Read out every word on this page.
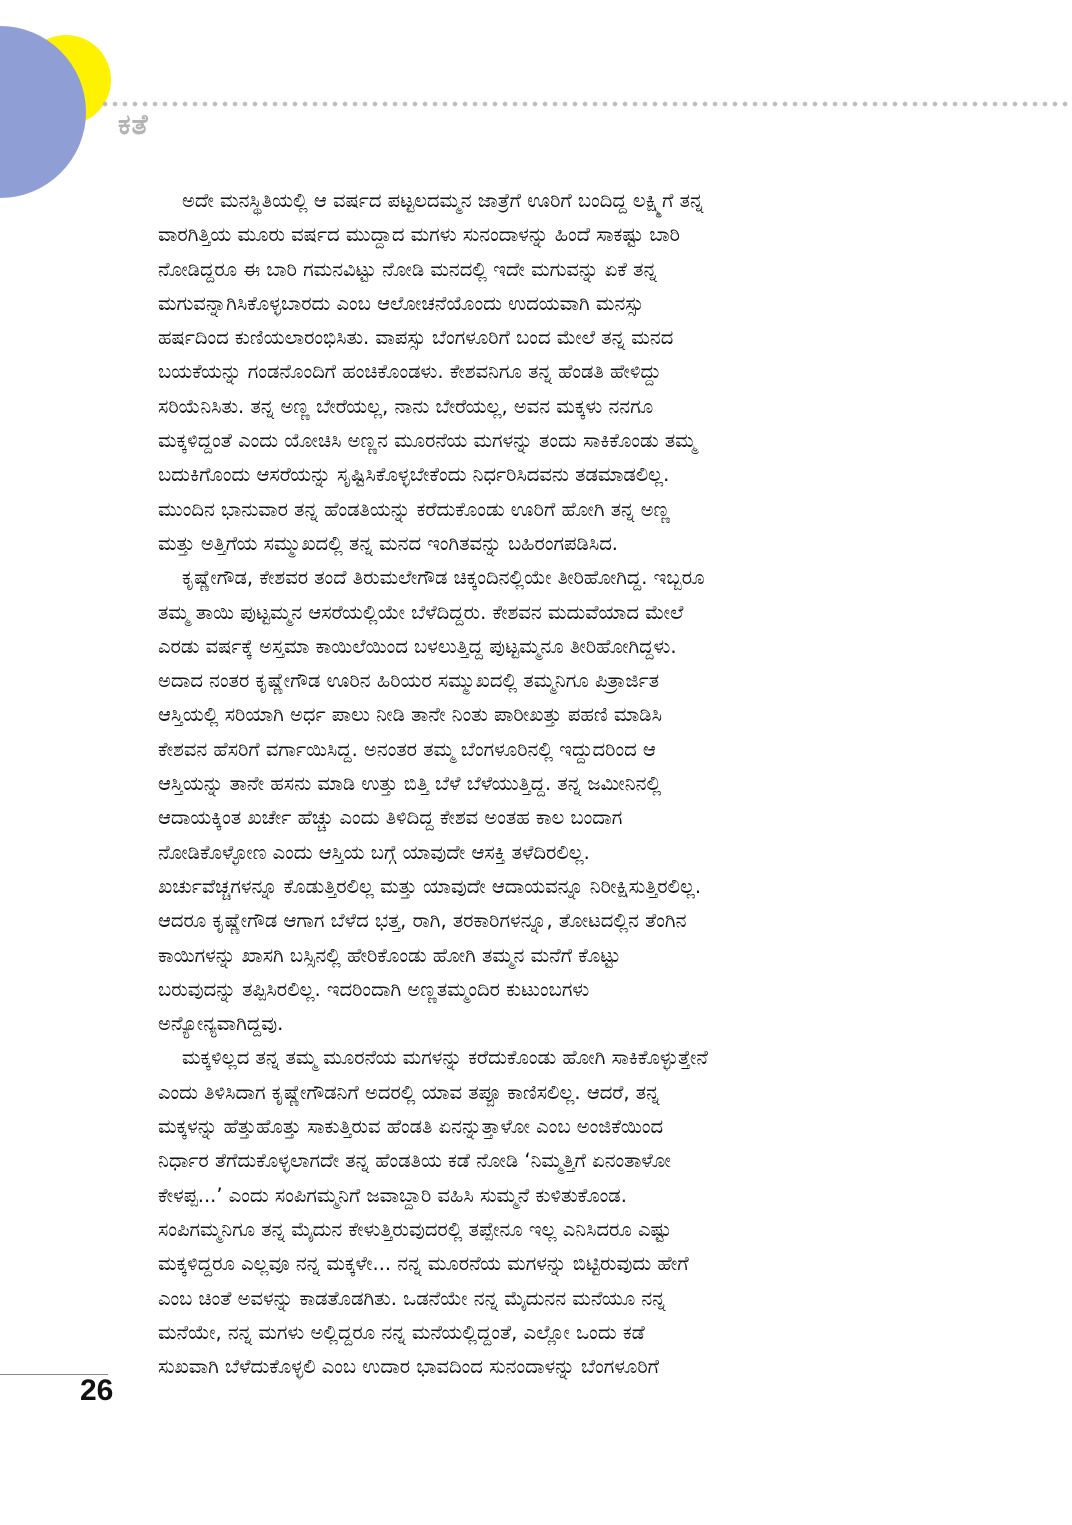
ಕತೆ
ಅದೇ ಮನಸ್ಥಿತಿಯಲ್ಲಿ ಆ ವರ್ಷದ ಪಟ್ಟಲದಮ್ಮನ ಜಾತ್ರೆಗೆ ಊರಿಗೆ ಬಂದಿದ್ದ ಲಕ್ಷ್ಮಿಗೆ ತನ್ನ
ವಾರಗಿತ್ತಿಯ ಮೂರು ವರ್ಷದ ಮುದ್ದಾದ ಮಗಳು ಸುನಂದಾಳನ್ನು ಹಿಂದೆ ಸಾಕಷ್ಟು ಬಾರಿ
ನೋಡಿದ್ದರೂ ಈ ಬಾರಿ ಗಮನವಿಟ್ಟು ನೋಡಿ ಮನದಲ್ಲಿ ಇದೇ ಮಗುವನ್ನು ಏಕೆ ತನ್ನ
ಮಗುವನ್ನಾಗಿಸಿಕೊಳ್ಳಬಾರದು ಎಂಬ ಆಲೋಚನೆಯೊಂದು ಉದಯವಾಗಿ ಮನಸ್ಸು
ಹರ್ಷದಿಂದ ಕುಣಿಯಲಾರಂಭಿಸಿತು. ವಾಪಸ್ಸು ಬೆಂಗಳೂರಿಗೆ ಬಂದ ಮೇಲೆ ತನ್ನ ಮನದ
ಬಯಕೆಯನ್ನು ಗಂಡನೊಂದಿಗೆ ಹಂಚಿಕೊಂಡಳು. ಕೇಶವನಿಗೂ ತನ್ನ ಹೆಂಡತಿ ಹೇಳಿದ್ದು
ಸರಿಯೆನಿಸಿತು. ತನ್ನ ಅಣ್ಣ ಬೇರೆಯಲ್ಲ, ನಾನು ಬೇರೆಯಲ್ಲ, ಅವನ ಮಕ್ಕಳು ನನಗೂ
ಮಕ್ಕಳಿದ್ದಂತೆ ಎಂದು ಯೋಚಿಸಿ ಅಣ್ಣನ ಮೂರನೆಯ ಮಗಳನ್ನು ತಂದು ಸಾಕಿಕೊಂಡು ತಮ್ಮ
ಬದುಕಿಗೊಂದು ಆಸರೆಯನ್ನು ಸೃಷ್ಟಿಸಿಕೊಳ್ಳಬೇಕೆಂದು ನಿರ್ಧರಿಸಿದವನು ತಡಮಾಡಲಿಲ್ಲ.
ಮುಂದಿನ ಭಾನುವಾರ ತನ್ನ ಹೆಂಡತಿಯನ್ನು ಕರೆದುಕೊಂಡು ಊರಿಗೆ ಹೋಗಿ ತನ್ನ ಅಣ್ಣ
ಮತ್ತು ಅತ್ತಿಗೆಯ ಸಮ್ಮುಖದಲ್ಲಿ ತನ್ನ ಮನದ ಇಂಗಿತವನ್ನು ಬಹಿರಂಗಪಡಿಸಿದ.
ಕೃಷ್ಣೇಗೌಡ, ಕೇಶವರ ತಂದೆ ತಿರುಮಲೇಗೌಡ ಚಿಕ್ಕಂದಿನಲ್ಲಿಯೇ ತೀರಿಹೋಗಿದ್ದ. ಇಬ್ಬರೂ
ತಮ್ಮ ತಾಯಿ ಪುಟ್ಟಮ್ಮನ ಆಸರೆಯಲ್ಲಿಯೇ ಬೆಳೆದಿದ್ದರು. ಕೇಶವನ ಮದುವೆಯಾದ ಮೇಲೆ
ಎರಡು ವರ್ಷಕ್ಕೆ ಅಸ್ತಮಾ ಕಾಯಿಲೆಯಿಂದ ಬಳಲುತ್ತಿದ್ದ ಪುಟ್ಟಮ್ಮನೂ ತೀರಿಹೋಗಿದ್ದಳು.
ಅದಾದ ನಂತರ ಕೃಷ್ಣೇಗೌಡ ಊರಿನ ಹಿರಿಯರ ಸಮ್ಮುಖದಲ್ಲಿ ತಮ್ಮನಿಗೂ ಪಿತ್ರಾರ್ಜಿತ
ಆಸ್ತಿಯಲ್ಲಿ ಸರಿಯಾಗಿ ಅರ್ಧ ಪಾಲು ನೀಡಿ ತಾನೇ ನಿಂತು ಪಾರೀಖತ್ತು ಪಹಣಿ ಮಾಡಿಸಿ
ಕೇಶವನ ಹೆಸರಿಗೆ ವರ್ಗಾಯಿಸಿದ್ದ. ಅನಂತರ ತಮ್ಮ ಬೆಂಗಳೂರಿನಲ್ಲಿ ಇದ್ದುದರಿಂದ ಆ
ಆಸ್ತಿಯನ್ನು ತಾನೇ ಹಸನು ಮಾಡಿ ಉತ್ತು ಬಿತ್ತಿ ಬೆಳೆ ಬೆಳೆಯುತ್ತಿದ್ದ. ತನ್ನ ಜಮೀನಿನಲ್ಲಿ
ಆದಾಯಕ್ಕಿಂತ ಖರ್ಚೇ ಹೆಚ್ಚು ಎಂದು ತಿಳಿದಿದ್ದ ಕೇಶವ ಅಂತಹ ಕಾಲ ಬಂದಾಗ
ನೋಡಿಕೊಳ್ಳೋಣ ಎಂದು ಆಸ್ತಿಯ ಬಗ್ಗೆ ಯಾವುದೇ ಆಸಕ್ತಿ ತಳೆದಿರಲಿಲ್ಲ.
ಖರ್ಚುವೆಚ್ಚಗಳನ್ನೂ ಕೊಡುತ್ತಿರಲಿಲ್ಲ ಮತ್ತು ಯಾವುದೇ ಆದಾಯವನ್ನೂ ನಿರೀಕ್ಷಿಸುತ್ತಿರಲಿಲ್ಲ.
ಆದರೂ ಕೃಷ್ಣೇಗೌಡ ಆಗಾಗ ಬೆಳೆದ ಭತ್ತ, ರಾಗಿ, ತರಕಾರಿಗಳನ್ನೂ, ತೋಟದಲ್ಲಿನ ತೆಂಗಿನ
ಕಾಯಿಗಳನ್ನು ಖಾಸಗಿ ಬಸ್ಸಿನಲ್ಲಿ ಹೇರಿಕೊಂಡು ಹೋಗಿ ತಮ್ಮನ ಮನೆಗೆ ಕೊಟ್ಟು
ಬರುವುದನ್ನು ತಪ್ಪಿಸಿರಲಿಲ್ಲ. ಇದರಿಂದಾಗಿ ಅಣ್ಣತಮ್ಮಂದಿರ ಕುಟುಂಬಗಳು
ಅನ್ಯೋನ್ಯವಾಗಿದ್ದವು.
ಮಕ್ಕಳಿಲ್ಲದ ತನ್ನ ತಮ್ಮ ಮೂರನೆಯ ಮಗಳನ್ನು ಕರೆದುಕೊಂಡು ಹೋಗಿ ಸಾಕಿಕೊಳ್ಳುತ್ತೇನೆ
ಎಂದು ತಿಳಿಸಿದಾಗ ಕೃಷ್ಣೇಗೌಡನಿಗೆ ಅದರಲ್ಲಿ ಯಾವ ತಪ್ಪೂ ಕಾಣಿಸಲಿಲ್ಲ. ಆದರೆ, ತನ್ನ
ಮಕ್ಕಳನ್ನು ಹೆತ್ತುಹೊತ್ತು ಸಾಕುತ್ತಿರುವ ಹೆಂಡತಿ ಏನನ್ನುತ್ತಾಳೋ ಎಂಬ ಅಂಜಿಕೆಯಿಂದ
ನಿರ್ಧಾರ ತೆಗೆದುಕೊಳ್ಳಲಾಗದೇ ತನ್ನ ಹೆಂಡತಿಯ ಕಡೆ ನೋಡಿ ‘ನಿಮ್ಮತ್ತಿಗೆ ಏನಂತಾಳೋ
ಕೇಳಪ್ಪ...’ ಎಂದು ಸಂಪಿಗಮ್ಮನಿಗೆ ಜವಾಬ್ದಾರಿ ವಹಿಸಿ ಸುಮ್ಮನೆ ಕುಳಿತುಕೊಂಡ.
ಸಂಪಿಗಮ್ಮನಿಗೂ ತನ್ನ ಮೈದುನ ಕೇಳುತ್ತಿರುವುದರಲ್ಲಿ ತಪ್ಪೇನೂ ಇಲ್ಲ ಎನಿಸಿದರೂ ಎಷ್ಟು
ಮಕ್ಕಳಿದ್ದರೂ ಎಲ್ಲವೂ ನನ್ನ ಮಕ್ಕಳೇ... ನನ್ನ ಮೂರನೆಯ ಮಗಳನ್ನು ಬಿಟ್ಟಿರುವುದು ಹೇಗೆ
ಎಂಬ ಚಿಂತೆ ಅವಳನ್ನು ಕಾಡತೊಡಗಿತು. ಒಡನೆಯೇ ನನ್ನ ಮೈದುನನ ಮನೆಯೂ ನನ್ನ
ಮನೆಯೇ, ನನ್ನ ಮಗಳು ಅಲ್ಲಿದ್ದರೂ ನನ್ನ ಮನೆಯಲ್ಲಿದ್ದಂತೆ, ಎಲ್ಲೋ ಒಂದು ಕಡೆ
ಸುಖವಾಗಿ ಬೆಳೆದುಕೊಳ್ಳಲಿ ಎಂಬ ಉದಾರ ಭಾವದಿಂದ ಸುನಂದಾಳನ್ನು ಬೆಂಗಳೂರಿಗೆ
26
